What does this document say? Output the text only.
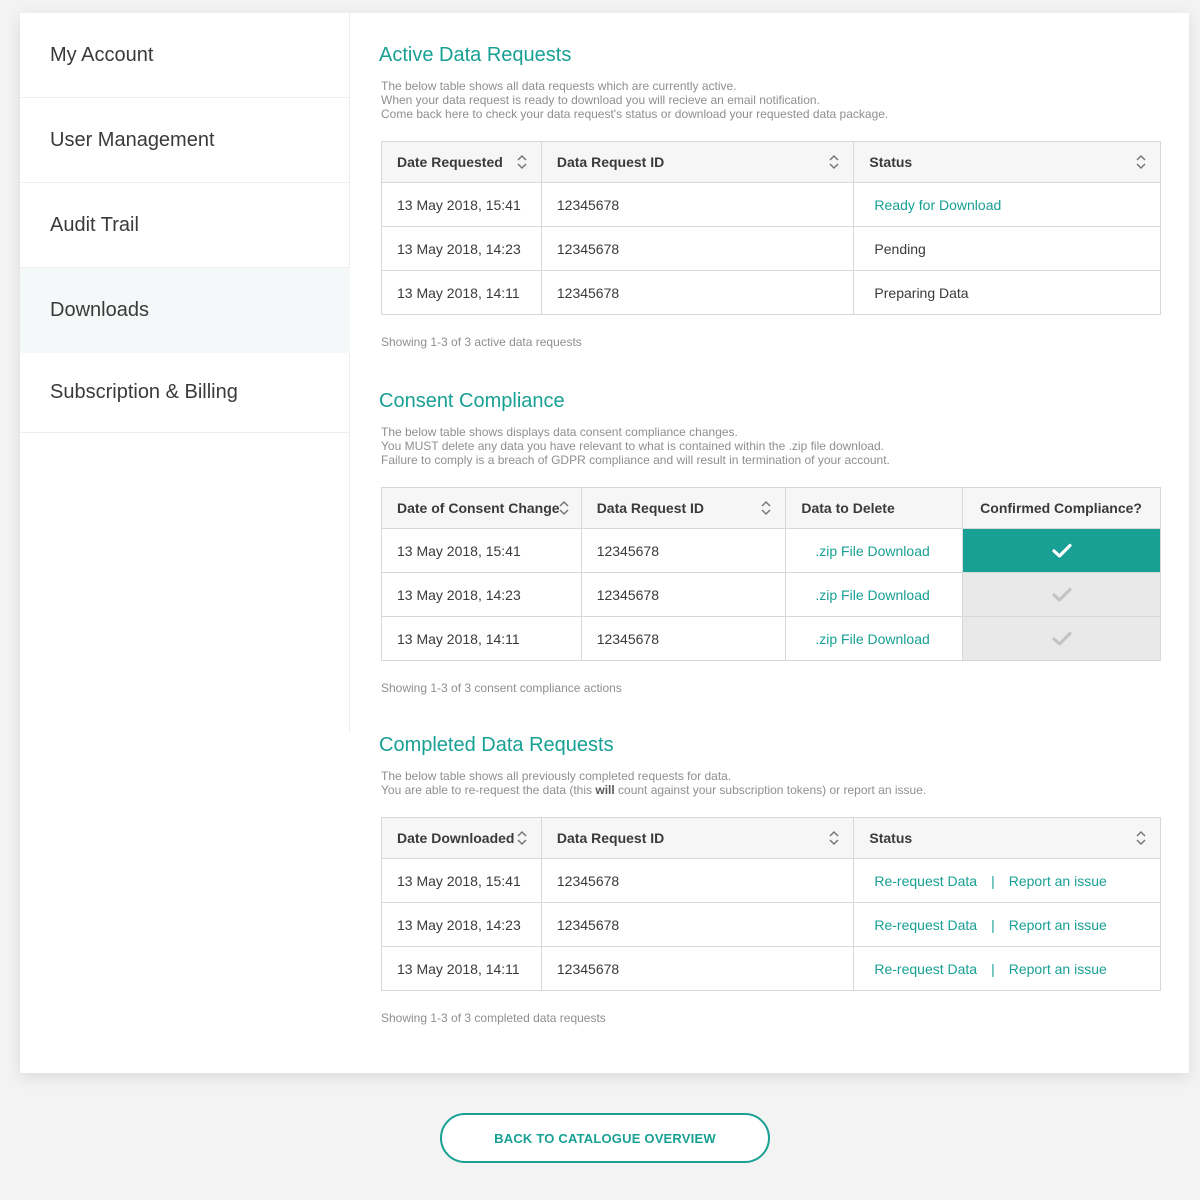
My Account
User Management
Audit Trail
Downloads
Subscription & Billing
Active Data Requests
The below table shows all data requests which are currently active.
When your data request is ready to download you will recieve an email notification.
Come back here to check your data request's status or download your requested data package.
Date Requested	Data Request ID	Status

13 May 2018, 15:41	12345678	Ready for Download
13 May 2018, 14:23	12345678	Pending
13 May 2018, 14:11	12345678	Preparing Data
Showing 1-3 of 3 active data requests
Consent Compliance
The below table shows displays data consent compliance changes.
You MUST delete any data you have relevant to what is contained within the .zip file download.
Failure to comply is a breach of GDPR compliance and will result in termination of your account.
Date of Consent Change	Data Request ID	Data to Delete	Confirmed Compliance?
13 May 2018, 15:41	12345678	.zip File Download	
13 May 2018, 14:23	12345678	.zip File Download	
13 May 2018, 14:11	12345678	.zip File Download	
Showing 1-3 of 3 consent compliance actions
Completed Data Requests
The below table shows all previously completed requests for data.
You are able to re-request the data (this will count against your subscription tokens) or report an issue.
Date Downloaded	Data Request ID	Status

13 May 2018, 15:41	12345678	Re-request Data | Report an issue
13 May 2018, 14:23	12345678	Re-request Data | Report an issue
13 May 2018, 14:11	12345678	Re-request Data | Report an issue
Showing 1-3 of 3 completed data requests
BACK TO CATALOGUE OVERVIEW
